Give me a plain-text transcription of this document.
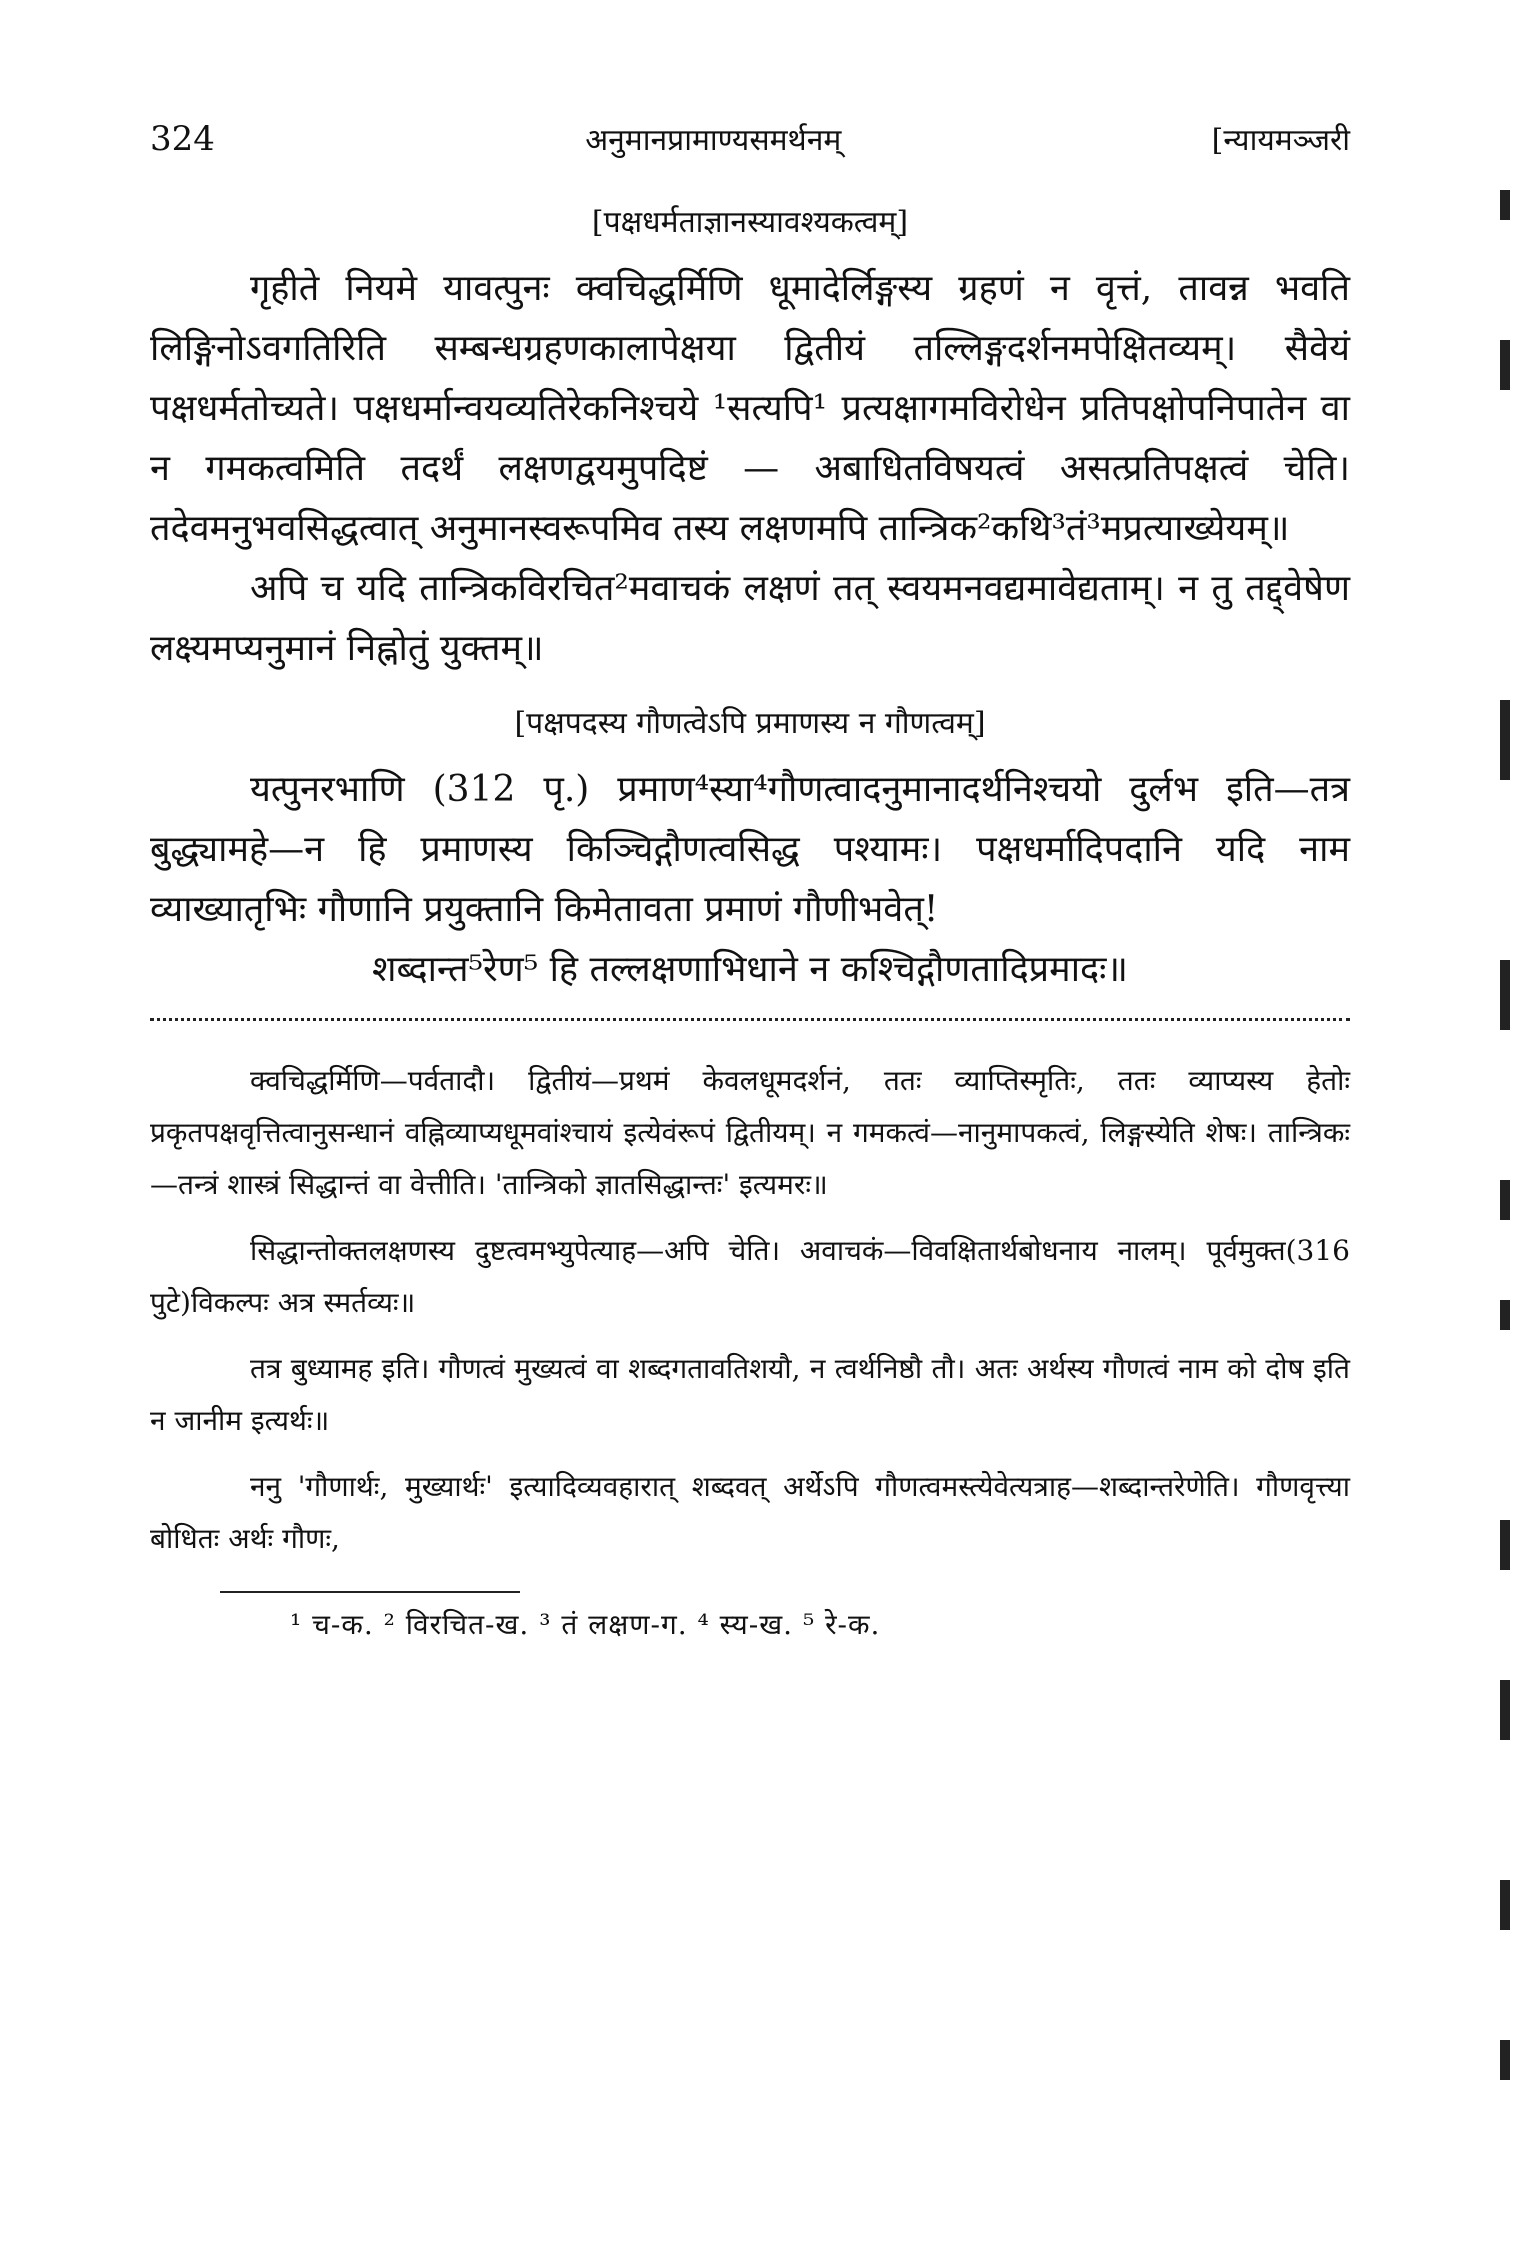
324	अनुमानप्रामाण्यसमर्थनम्	[न्यायमञ्जरी
[पक्षधर्मताज्ञानस्यावश्यकत्वम्]

गृहीते नियमे यावत्पुनः क्वचिद्धर्मिणि धूमादेर्लिङ्गस्य ग्रहणं न वृत्तं, तावन्न भवति लिङ्गिनोऽवगतिरिति सम्बन्धग्रहणकालापेक्षया द्वितीयं तल्लिङ्गदर्शनमपेक्षितव्यम्। सैवेयं पक्षधर्मतोच्यते। पक्षधर्मान्वयव्यतिरेकनिश्चये ¹सत्यपि¹ प्रत्यक्षागमविरोधेन प्रतिपक्षोपनिपातेन वा न गमकत्वमिति तदर्थं लक्षणद्वयमुपदिष्टं — अबाधितविषयत्वं असत्प्रतिपक्षत्वं चेति। तदेवमनुभवसिद्धत्वात् अनुमानस्वरूपमिव तस्य लक्षणमपि तान्त्रिक²कथि³तं³मप्रत्याख्येयम्॥

अपि च यदि तान्त्रिकविरचित²मवाचकं लक्षणं तत् स्वयमनवद्यमावेद्यताम्। न तु तद्द्वेषेण लक्ष्यमप्यनुमानं निह्नोतुं युक्तम्॥

[पक्षपदस्य गौणत्वेऽपि प्रमाणस्य न गौणत्वम्]

यत्पुनरभाणि (312 पृ.) प्रमाण⁴स्या⁴गौणत्वादनुमानादर्थनिश्चयो दुर्लभ इति—तत्र बुद्ध्यामहे—न हि प्रमाणस्य किञ्चिद्गौणत्वसिद्ध पश्यामः। पक्षधर्मादिपदानि यदि नाम व्याख्यातृभिः गौणानि प्रयुक्तानि किमेतावता प्रमाणं गौणीभवेत्!

शब्दान्त⁵रेण⁵ हि तल्लक्षणाभिधाने न कश्चिद्गौणतादिप्रमादः॥

क्वचिद्धर्मिणि—पर्वतादौ। द्वितीयं—प्रथमं केवलधूमदर्शनं, ततः व्याप्तिस्मृतिः, ततः व्याप्यस्य हेतोः प्रकृतपक्षवृत्तित्वानुसन्धानं वह्निव्याप्यधूमवांश्चायं इत्येवंरूपं द्वितीयम्। न गमकत्वं—नानुमापकत्वं, लिङ्गस्येति शेषः। तान्त्रिकः—तन्त्रं शास्त्रं सिद्धान्तं वा वेत्तीति। 'तान्त्रिको ज्ञातसिद्धान्तः' इत्यमरः॥

सिद्धान्तोक्तलक्षणस्य दुष्टत्वमभ्युपेत्याह—अपि चेति। अवाचकं—विवक्षितार्थबोधनाय नालम्। पूर्वमुक्त(316 पुटे)विकल्पः अत्र स्मर्तव्यः॥

तत्र बुध्यामह इति। गौणत्वं मुख्यत्वं वा शब्दगतावतिशयौ, न त्वर्थनिष्ठौ तौ। अतः अर्थस्य गौणत्वं नाम को दोष इति न जानीम इत्यर्थः॥

ननु 'गौणार्थः, मुख्यार्थः' इत्यादिव्यवहारात् शब्दवत् अर्थेऽपि गौणत्वमस्त्येवेत्यत्राह—शब्दान्तरेणेति। गौणवृत्त्या बोधितः अर्थः गौणः,

¹ च-क. ² विरचित-ख. ³ तं लक्षण-ग. ⁴ स्य-ख. ⁵ रे-क.
